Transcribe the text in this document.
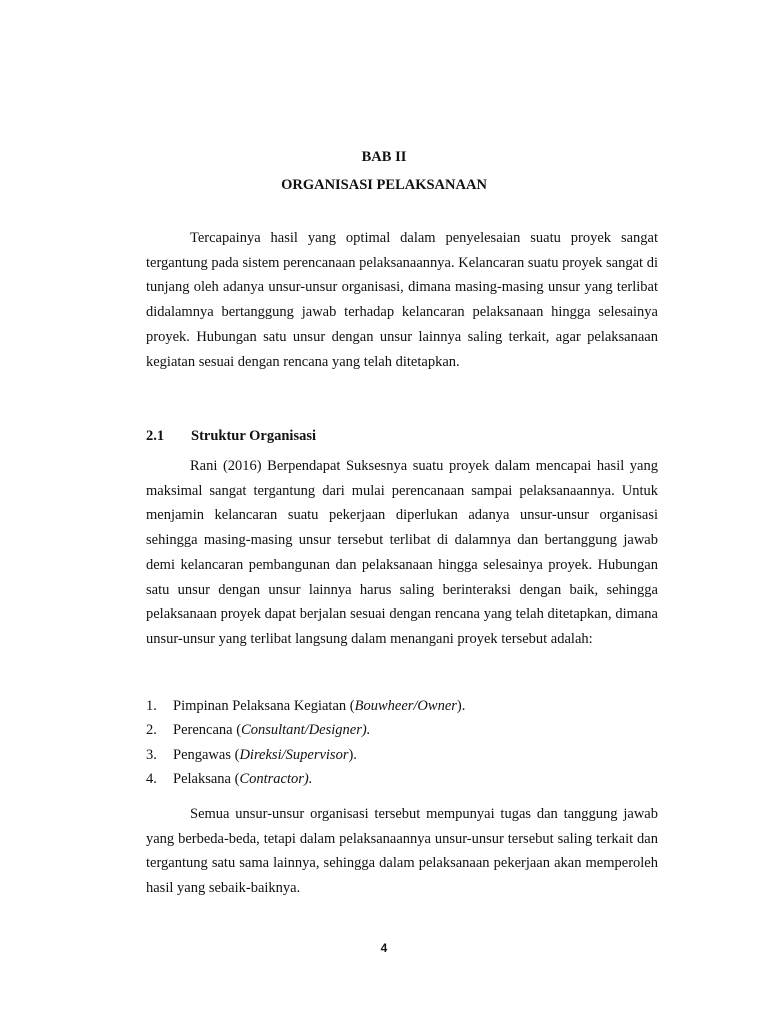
BAB II

ORGANISASI PELAKSANAAN

Tercapainya hasil yang optimal dalam penyelesaian suatu proyek sangat tergantung pada sistem perencanaan pelaksanaannya. Kelancaran suatu proyek sangat di tunjang oleh adanya unsur-unsur organisasi, dimana masing-masing unsur yang terlibat didalamnya bertanggung jawab terhadap kelancaran pelaksanaan hingga selesainya proyek. Hubungan satu unsur dengan unsur lainnya saling terkait, agar pelaksanaan kegiatan sesuai dengan rencana yang telah ditetapkan.

2.1 Struktur Organisasi

Rani (2016) Berpendapat Suksesnya suatu proyek dalam mencapai hasil yang maksimal sangat tergantung dari mulai perencanaan sampai pelaksanaannya. Untuk menjamin kelancaran suatu pekerjaan diperlukan adanya unsur-unsur organisasi sehingga masing-masing unsur tersebut terlibat di dalamnya dan bertanggung jawab demi kelancaran pembangunan dan pelaksanaan hingga selesainya proyek. Hubungan satu unsur dengan unsur lainnya harus saling berinteraksi dengan baik, sehingga pelaksanaan proyek dapat berjalan sesuai dengan rencana yang telah ditetapkan, dimana unsur-unsur yang terlibat langsung dalam menangani proyek tersebut adalah:

1.	Pimpinan Pelaksana Kegiatan (Bouwheer/Owner).
2.	Perencana (Consultant/Designer).
3.	Pengawas (Direksi/Supervisor).
4.	Pelaksana (Contractor).

Semua unsur-unsur organisasi tersebut mempunyai tugas dan tanggung jawab yang berbeda-beda, tetapi dalam pelaksanaannya unsur-unsur tersebut saling terkait dan tergantung satu sama lainnya, sehingga dalam pelaksanaan pekerjaan akan memperoleh hasil yang sebaik-baiknya.

4
